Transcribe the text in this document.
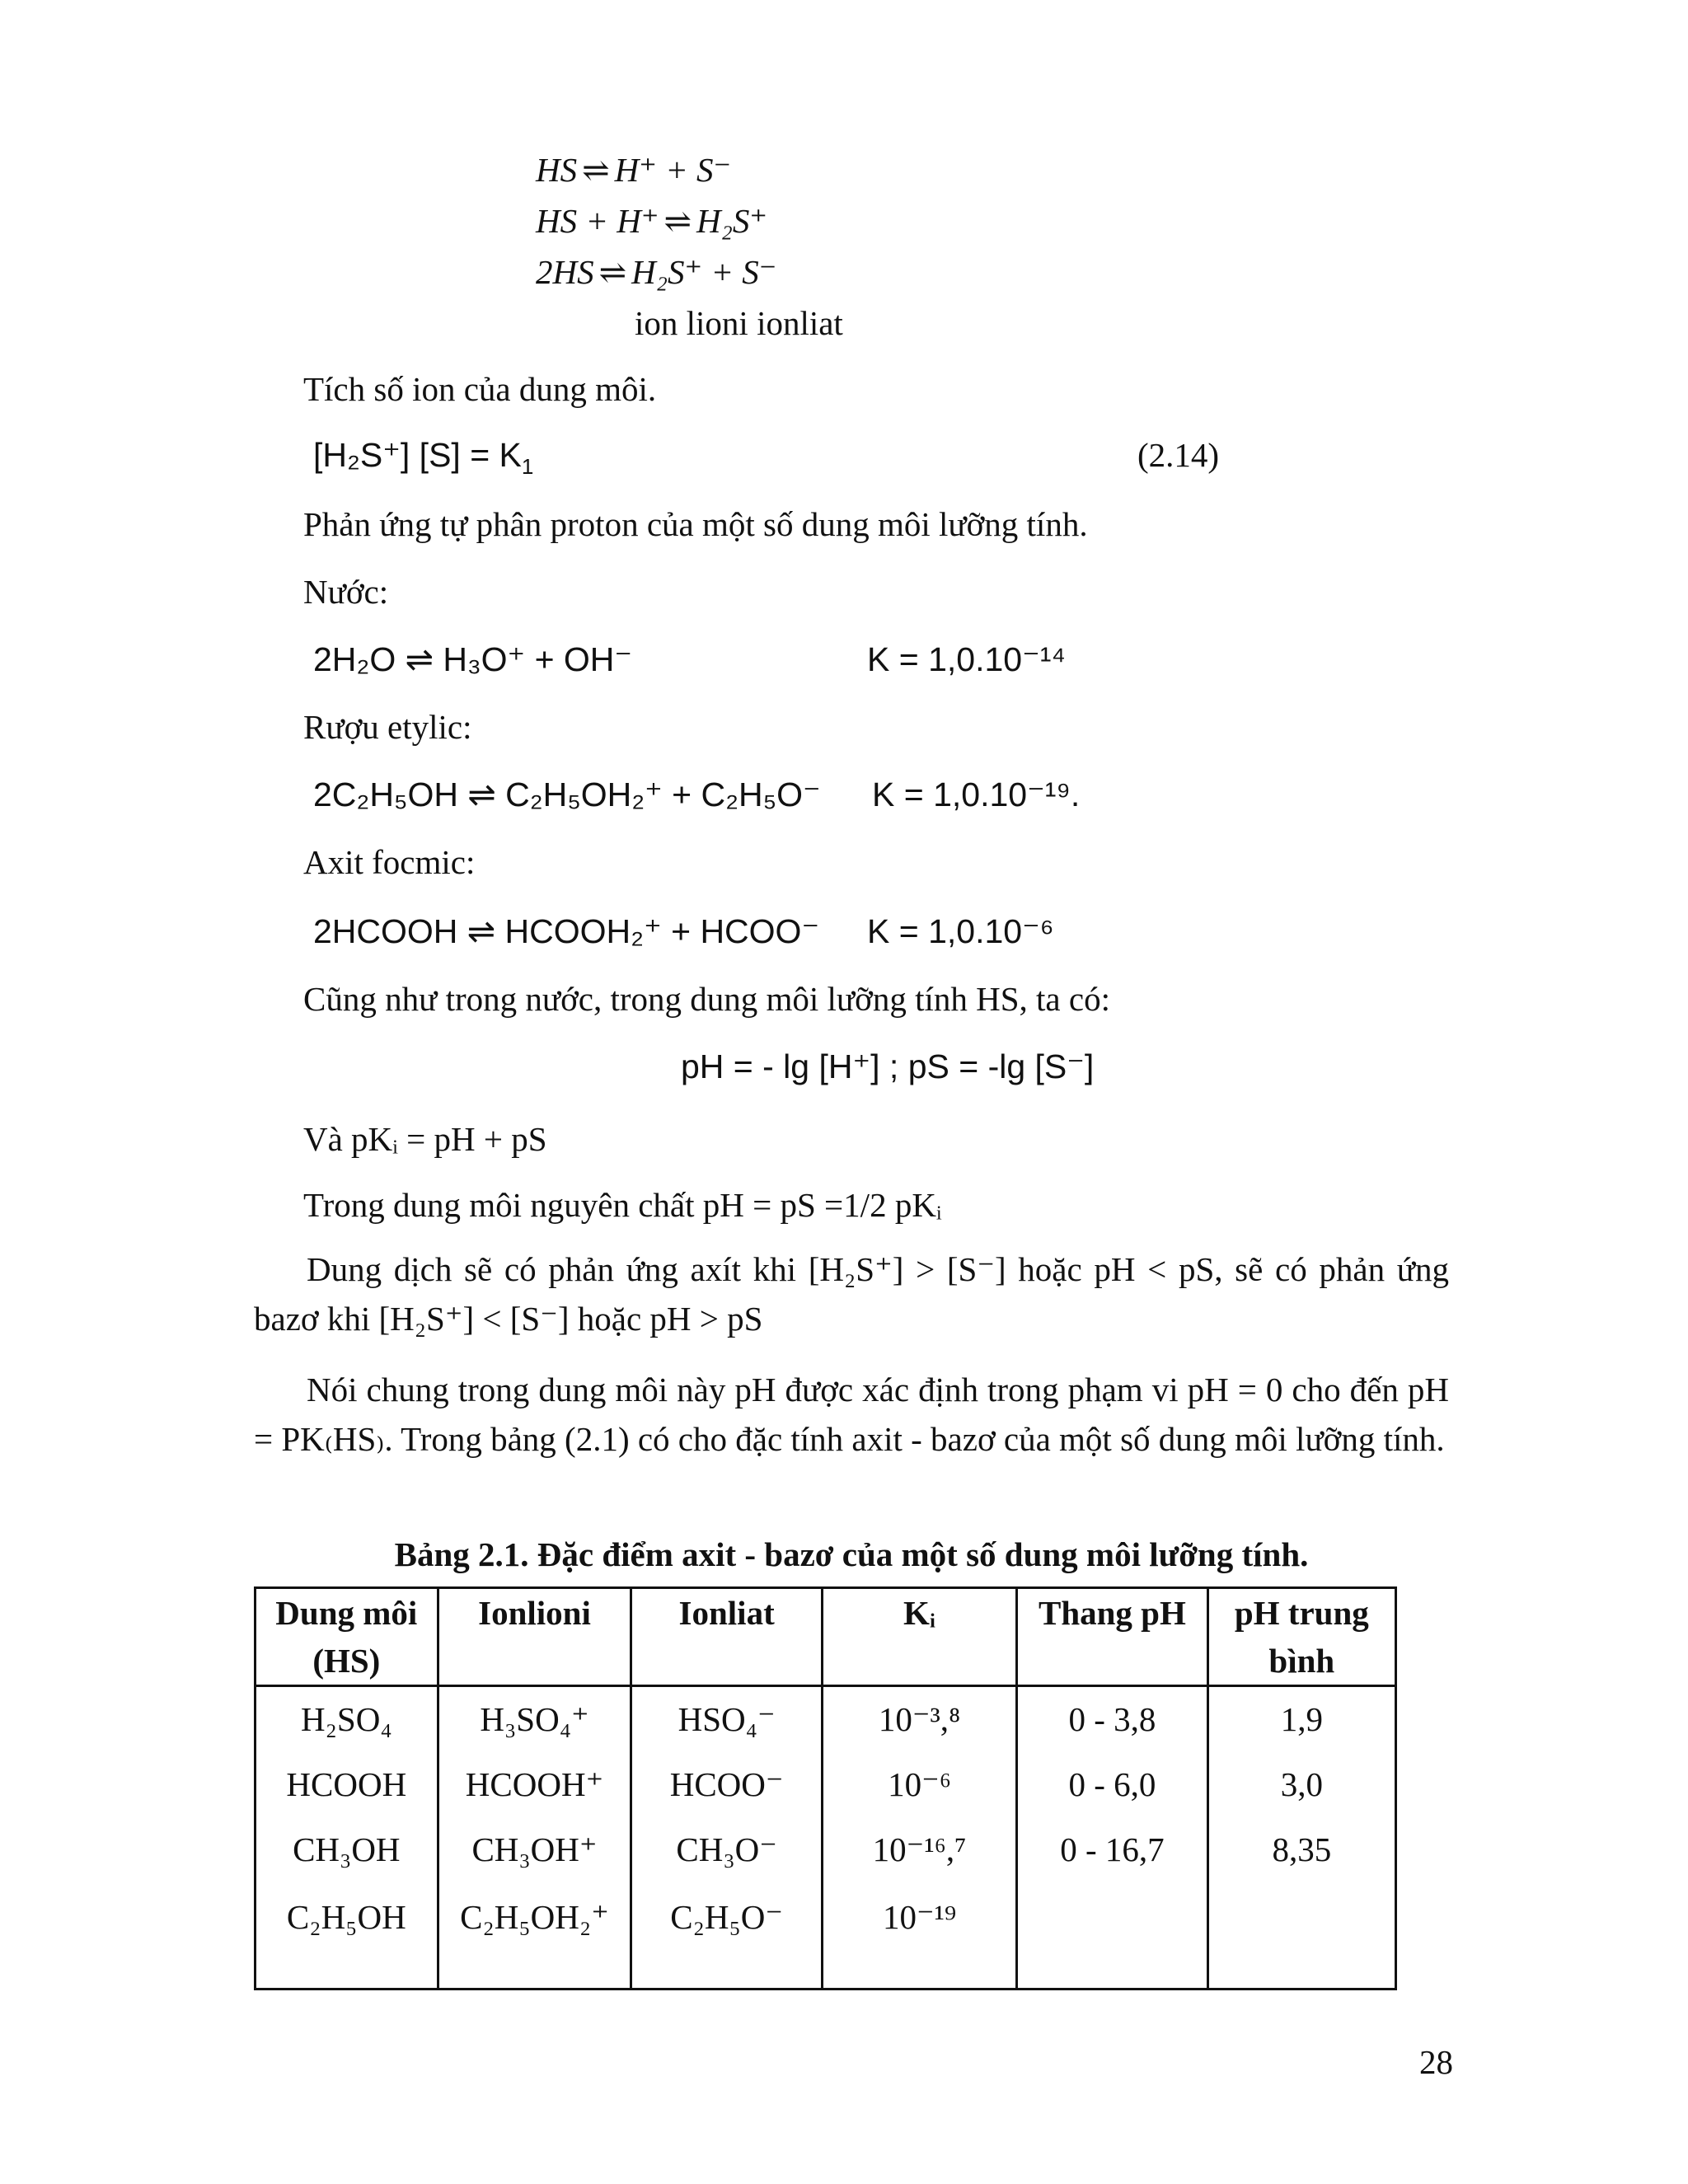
HS ⇌ H⁺ + S⁻
HS + H⁺ ⇌ H₂S⁺
2HS ⇌ H₂S⁺ + S⁻
ion lioni ionliat
Tích số ion của dung môi.
[H₂S⁺] $[S] = K_1$	(2.14)
Phản ứng tự phân proton của một số dung môi lưỡng tính.
Nước:
2H₂O ⇌ H₃O⁺ + OH⁻	K = 1,0.10⁻¹⁴
Rượu etylic:
2C₂H₅OH ⇌ C₂H₅OH₂⁺ + C₂H₅O⁻ K = 1,0.10⁻¹⁹.
Axit focmic:
2HCOOH ⇌ HCOOH₂⁺ + HCOO⁻ K = 1,0.10⁻⁶
Cũng như trong nước, trong dung môi lưỡng tính HS, ta có:
pH = - lg [H⁺] ; pS = -lg [S⁻]
Và pKᵢ = pH + pS
Trong dung môi nguyên chất pH = pS =1/2 pKᵢ
Dung dịch sẽ có phản ứng axít khi [H₂S⁺] > [S⁻] hoặc pH < pS, sẽ có phản ứng bazơ khi [H₂S⁺] < [S⁻] hoặc pH > pS
Nói chung trong dung môi này pH được xác định trong phạm vi pH = 0 cho đến pH = PK₍HS₎. Trong bảng (2.1) có cho đặc tính axit - bazơ của một số dung môi lưỡng tính.
Bảng 2.1. Đặc điểm axit - bazơ của một số dung môi lưỡng tính.
Dung môi (HS)	Ionlioni	Ionliat	Kᵢ	Thang pH	pH trung bình
H₂SO₄	H₃SO₄⁺	HSO₄⁻	10⁻³,⁸	0 - 3,8	1,9
HCOOH	HCOOH⁺	HCOO⁻	10⁻⁶	0 - 6,0	3,0
CH₃OH	CH₃OH⁺	CH₃O⁻	10⁻¹⁶,⁷	0 - 16,7	8,35
C₂H₅OH	C₂H₅OH₂⁺	C₂H₅O⁻	10⁻¹⁹		
28
